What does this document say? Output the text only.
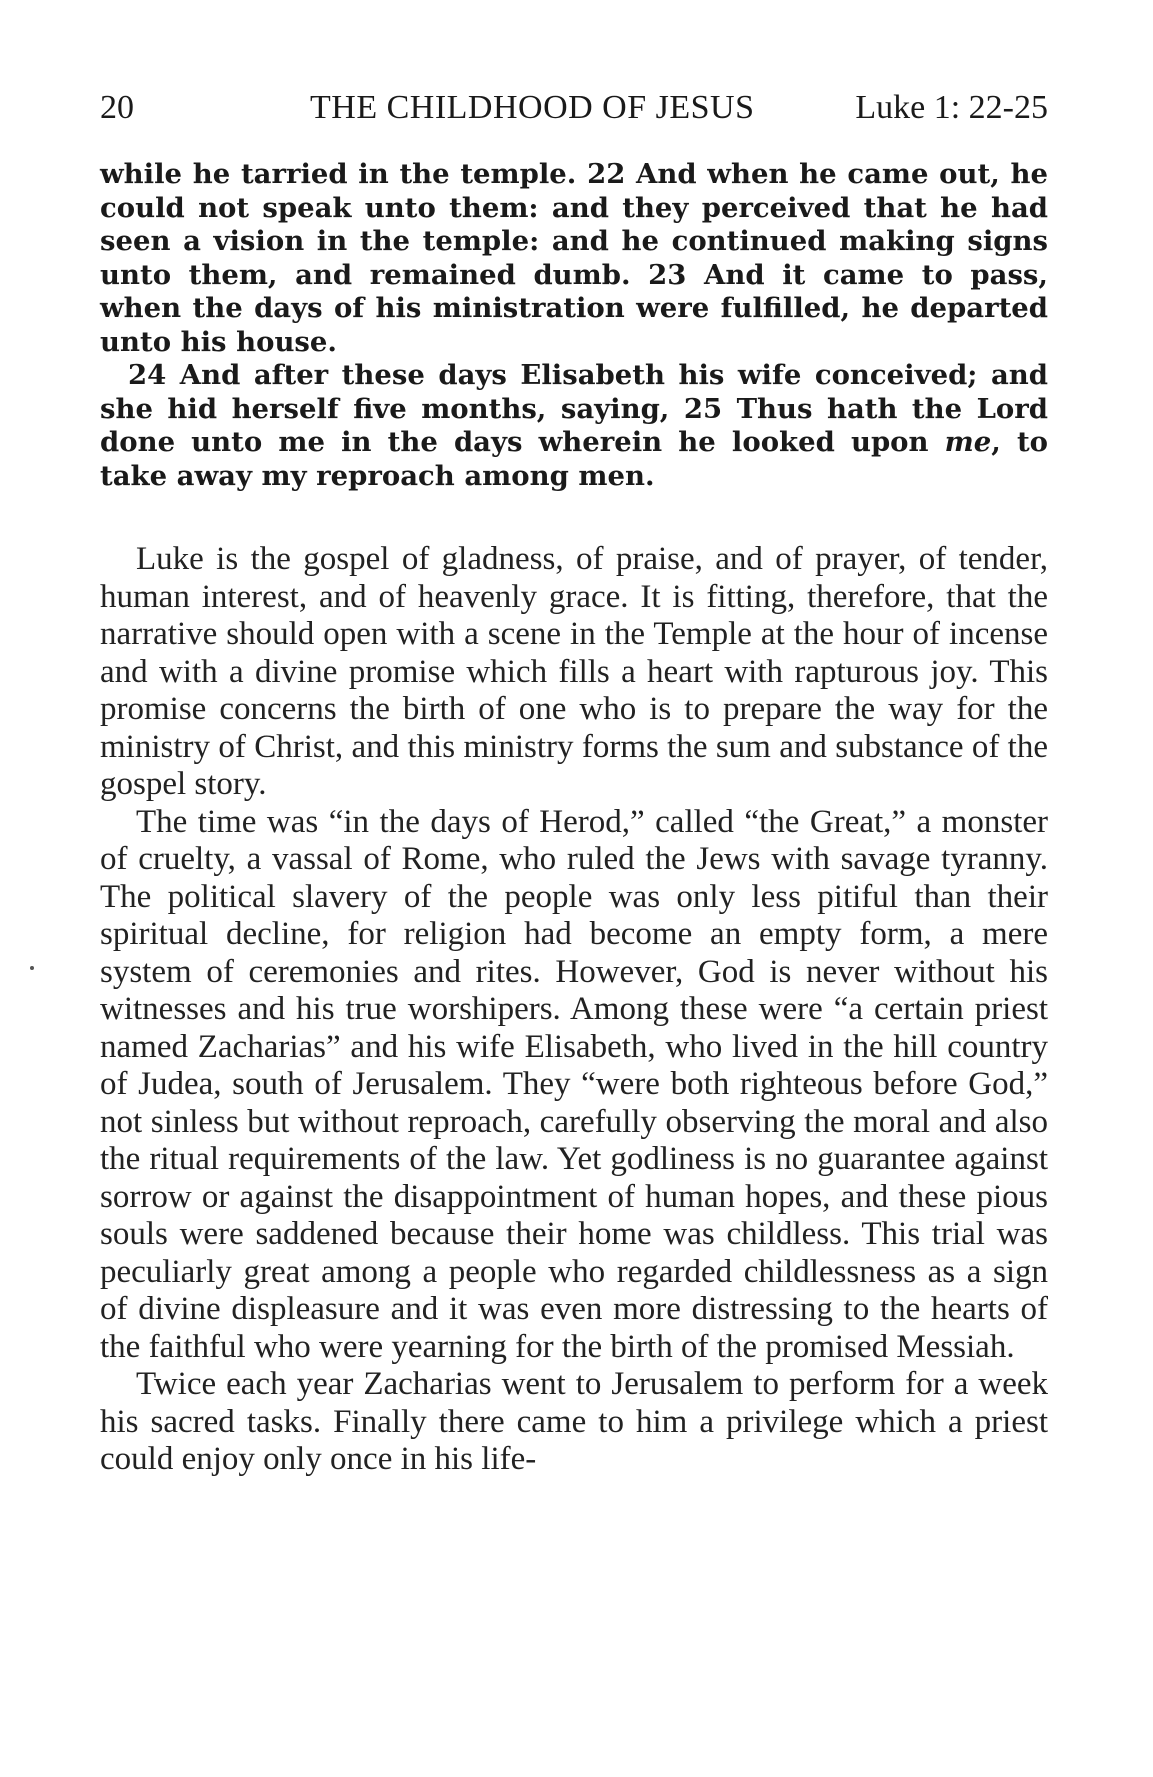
20	THE CHILDHOOD OF JESUS	Luke 1: 22-25

while he tarried in the temple. 22 And when he came out, he could not speak unto them: and they perceived that he had seen a vision in the temple: and he continued making signs unto them, and remained dumb. 23 And it came to pass, when the days of his ministration were fulfilled, he departed unto his house.

24 And after these days Elisabeth his wife conceived; and she hid herself five months, saying, 25 Thus hath the Lord done unto me in the days wherein he looked upon me, to take away my reproach among men.

Luke is the gospel of gladness, of praise, and of prayer, of tender, human interest, and of heavenly grace. It is fitting, therefore, that the narrative should open with a scene in the Temple at the hour of incense and with a divine promise which fills a heart with rapturous joy. This promise concerns the birth of one who is to prepare the way for the ministry of Christ, and this ministry forms the sum and substance of the gospel story.

The time was “in the days of Herod,” called “the Great,” a monster of cruelty, a vassal of Rome, who ruled the Jews with savage tyranny. The political slavery of the people was only less pitiful than their spiritual decline, for religion had become an empty form, a mere system of ceremonies and rites. However, God is never without his witnesses and his true worshipers. Among these were “a certain priest named Zacharias” and his wife Elisabeth, who lived in the hill country of Judea, south of Jerusalem. They “were both righteous before God,” not sinless but without reproach, carefully observing the moral and also the ritual requirements of the law. Yet godliness is no guarantee against sorrow or against the disappointment of human hopes, and these pious souls were saddened because their home was childless. This trial was peculiarly great among a people who regarded childlessness as a sign of divine displeasure and it was even more distressing to the hearts of the faithful who were yearning for the birth of the promised Messiah.

Twice each year Zacharias went to Jerusalem to perform for a week his sacred tasks. Finally there came to him a privilege which a priest could enjoy only once in his life-
